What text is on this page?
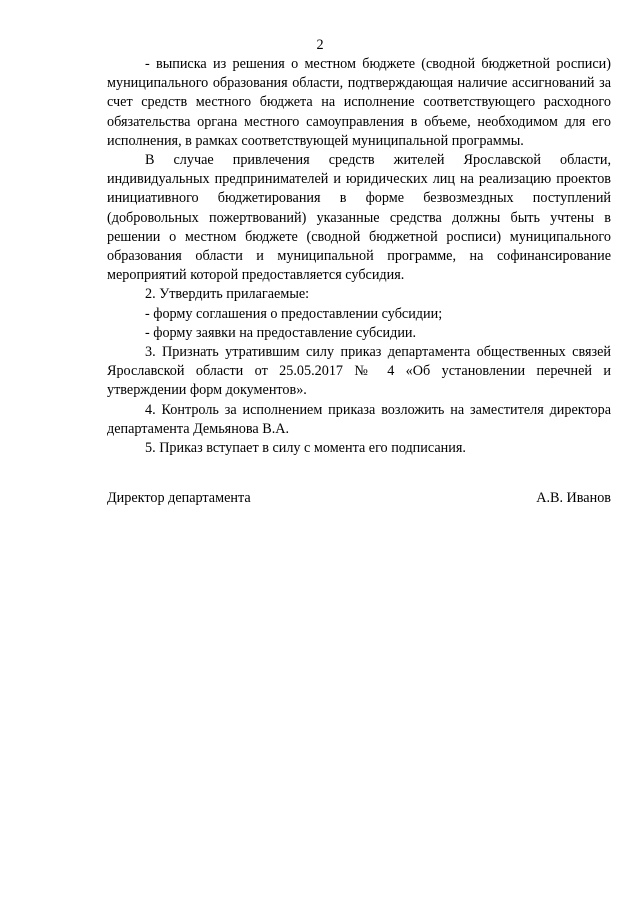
2

- выписка из решения о местном бюджете (сводной бюджетной росписи) муниципального образования области, подтверждающая наличие ассигнований за счет средств местного бюджета на исполнение соответствующего расходного обязательства органа местного самоуправления в объеме, необходимом для его исполнения, в рамках соответствующей муниципальной программы.

В случае привлечения средств жителей Ярославской области, индивидуальных предпринимателей и юридических лиц на реализацию проектов инициативного бюджетирования в форме безвозмездных поступлений (добровольных пожертвований) указанные средства должны быть учтены в решении о местном бюджете (сводной бюджетной росписи) муниципального образования области и муниципальной программе, на софинансирование мероприятий которой предоставляется субсидия.

2. Утвердить прилагаемые:

- форму соглашения о предоставлении субсидии;

- форму заявки на предоставление субсидии.

3. Признать утратившим силу приказ департамента общественных связей Ярославской области от 25.05.2017 № 4 «Об установлении перечней и утверждении форм документов».

4. Контроль за исполнением приказа возложить на заместителя директора департамента Демьянова В.А.

5. Приказ вступает в силу с момента его подписания.

Директор департамента	А.В. Иванов
